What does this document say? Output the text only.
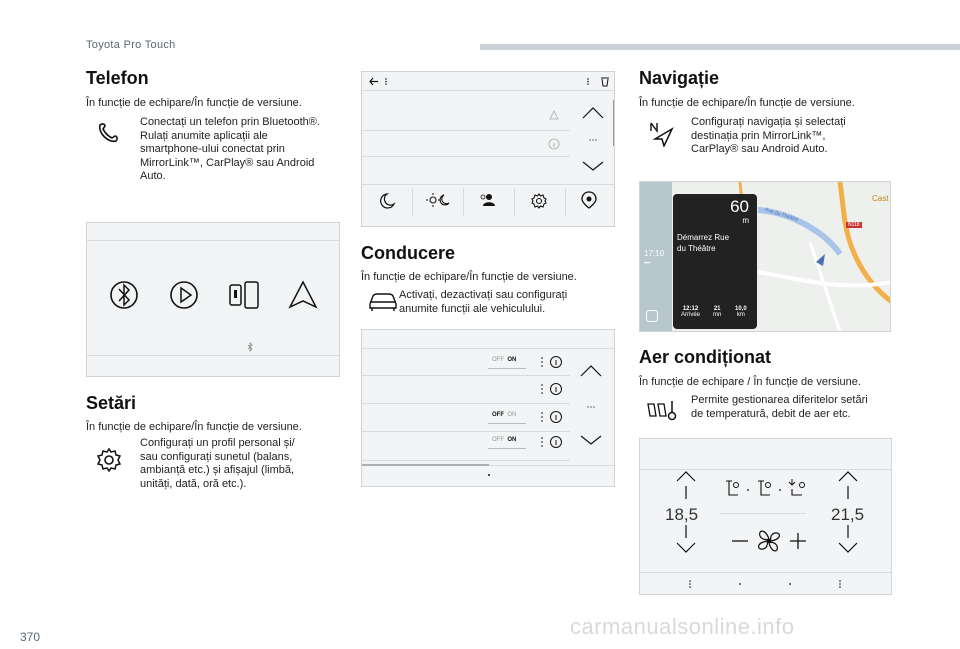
Toyota Pro Touch
Telefon
În funcție de echipare/În funcție de versiune.
Conectați un telefon prin Bluetooth®.
Rulați anumite aplicații ale
smartphone-ului conectat prin
MirrorLink™, CarPlay® sau Android
Auto.
Setări
În funcție de echipare/În funcție de versiune.
Configurați un profil personal și/
sau configurați sunetul (balans,
ambianță etc.) și afișajul (limbă,
unități, dată, oră etc.).
Conducere
În funcție de echipare/În funcție de versiune.
Activați, dezactivați sau configurați
anumite funcții ale vehiculului.
OFF ON
OFF ON
OFF ON
Navigație
În funcție de echipare/În funcție de versiune.
Configurați navigația și selectați
destinația prin MirrorLink™,
CarPlay® sau Android Auto.
17:10
•••
60
m
Démarrez Rue
du Théâtre
12:12
Arrivée
21
mn
10,0
km
N118
Cast
Rue du Théâtre
Aer condiționat
În funcție de echipare / În funcție de versiune.
Permite gestionarea diferitelor setări
de temperatură, debit de aer etc.
18,5	21,5
370	carmanualsonline.info
